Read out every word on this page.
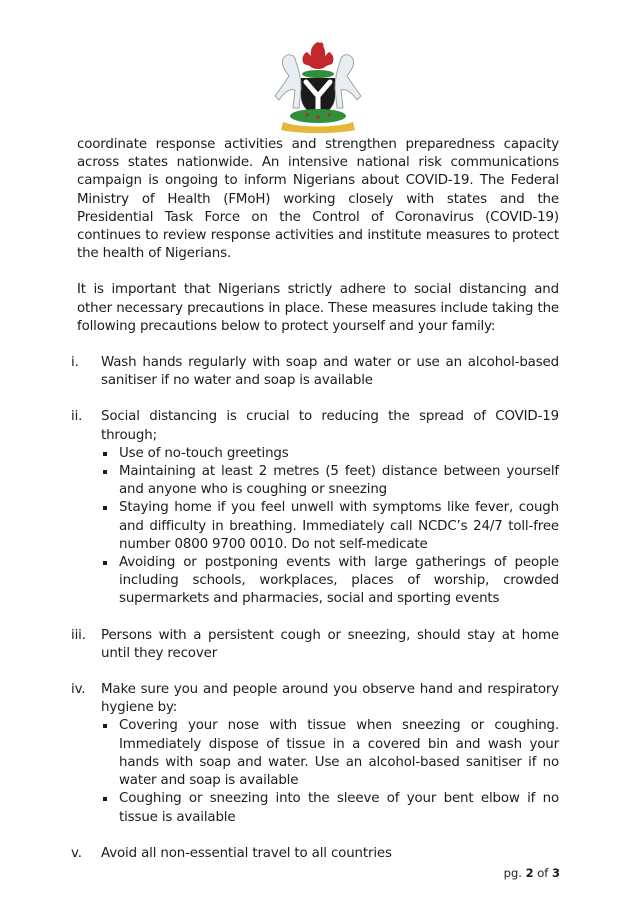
coordinate response activities and strengthen preparedness capacity across states nationwide. An intensive national risk communications campaign is ongoing to inform Nigerians about COVID-19. The Federal Ministry of Health (FMoH) working closely with states and the Presidential Task Force on the Control of Coronavirus (COVID-19) continues to review response activities and institute measures to protect the health of Nigerians.

It is important that Nigerians strictly adhere to social distancing and other necessary precautions in place. These measures include taking the following precautions below to protect yourself and your family:

i.	Wash hands regularly with soap and water or use an alcohol-based sanitiser if no water and soap is available
ii.	Social distancing is crucial to reducing the spread of COVID-19 through;
Use of no-touch greetings
Maintaining at least 2 metres (5 feet) distance between yourself and anyone who is coughing or sneezing
Staying home if you feel unwell with symptoms like fever, cough and difficulty in breathing. Immediately call NCDC’s 24/7 toll-free number 0800 9700 0010. Do not self-medicate
Avoiding or postponing events with large gatherings of people including schools, workplaces, places of worship, crowded supermarkets and pharmacies, social and sporting events
iii.	Persons with a persistent cough or sneezing, should stay at home until they recover
iv.	Make sure you and people around you observe hand and respiratory hygiene by:
Covering your nose with tissue when sneezing or coughing. Immediately dispose of tissue in a covered bin and wash your hands with soap and water. Use an alcohol-based sanitiser if no water and soap is available
Coughing or sneezing into the sleeve of your bent elbow if no tissue is available
v.	Avoid all non-essential travel to all countries
pg. 2 of 3
